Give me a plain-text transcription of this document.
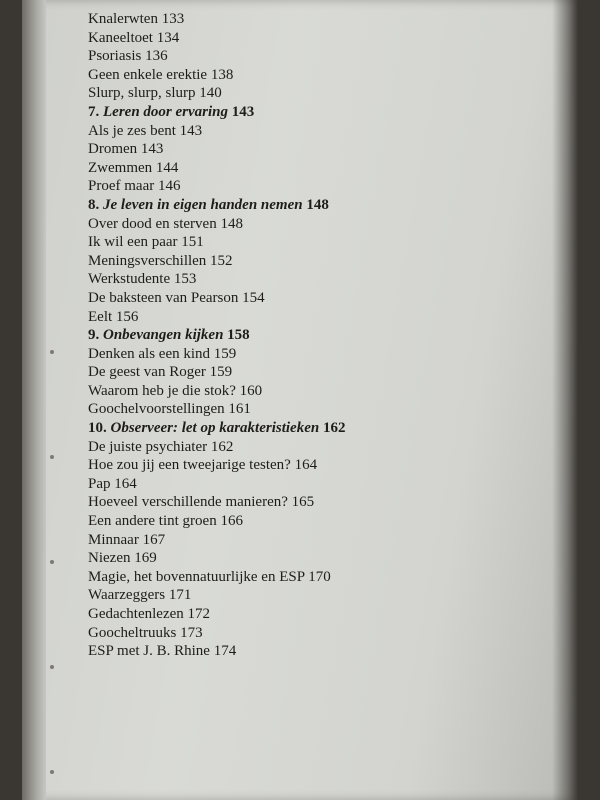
Knalerwten 133
Kaneeltoet 134
Psoriasis 136
Geen enkele erektie 138
Slurp, slurp, slurp 140
7. Leren door ervaring 143
Als je zes bent 143
Dromen 143
Zwemmen 144
Proef maar 146
8. Je leven in eigen handen nemen 148
Over dood en sterven 148
Ik wil een paar 151
Meningsverschillen 152
Werkstudente 153
De baksteen van Pearson 154
Eelt 156
9. Onbevangen kijken 158
Denken als een kind 159
De geest van Roger 159
Waarom heb je die stok? 160
Goochelvoorstellingen 161
10. Observeer: let op karakteristieken 162
De juiste psychiater 162
Hoe zou jij een tweejarige testen? 164
Pap 164
Hoeveel verschillende manieren? 165
Een andere tint groen 166
Minnaar 167
Niezen 169
Magie, het bovennatuurlijke en ESP 170
Waarzeggers 171
Gedachtenlezen 172
Goocheltruuks 173
ESP met J. B. Rhine 174
